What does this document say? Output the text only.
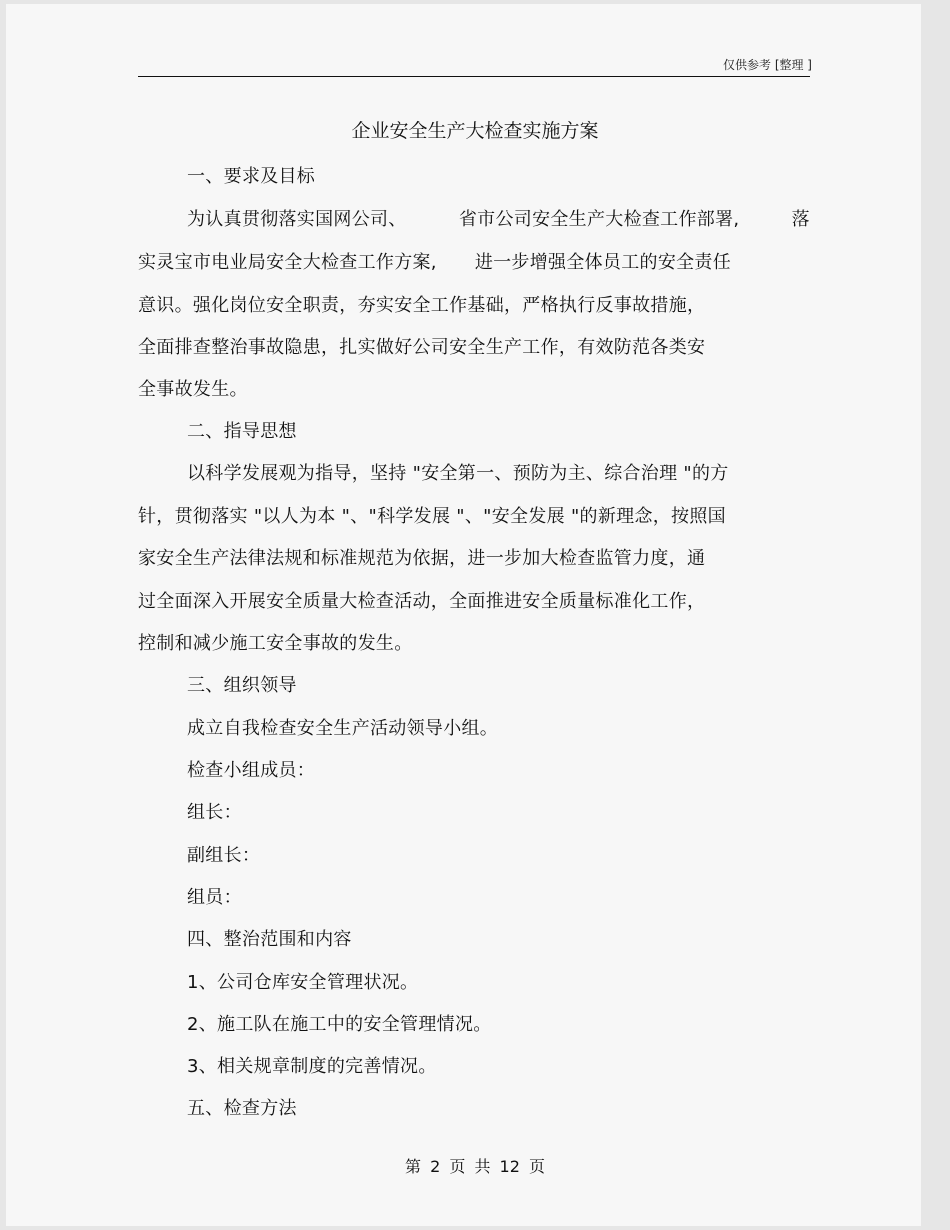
仅供参考 [整理 ]
企业安全生产大检查实施方案
一、要求及目标
为认真贯彻落实国网公司、	省市公司安全生产大检查工作部署,	落
实灵宝市电业局安全大检查工作方案, 进一步增强全体员工的安全责任
意识。强化岗位安全职责，夯实安全工作基础，严格执行反事故措施，
全面排查整治事故隐患，扎实做好公司安全生产工作，有效防范各类安
全事故发生。
二、指导思想
以科学发展观为指导，坚持 "安全第一、预防为主、综合治理 "的方
针，贯彻落实 "以人为本 "、"科学发展 "、"安全发展 "的新理念，按照国
家安全生产法律法规和标准规范为依据，进一步加大检查监管力度，通
过全面深入开展安全质量大检查活动，全面推进安全质量标准化工作，
控制和减少施工安全事故的发生。
三、组织领导
成立自我检查安全生产活动领导小组。
检查小组成员：
组长：
副组长：
组员：
四、整治范围和内容
1、公司仓库安全管理状况。
2、施工队在施工中的安全管理情况。
3、相关规章制度的完善情况。
五、检查方法
第 2 页 共 12 页
